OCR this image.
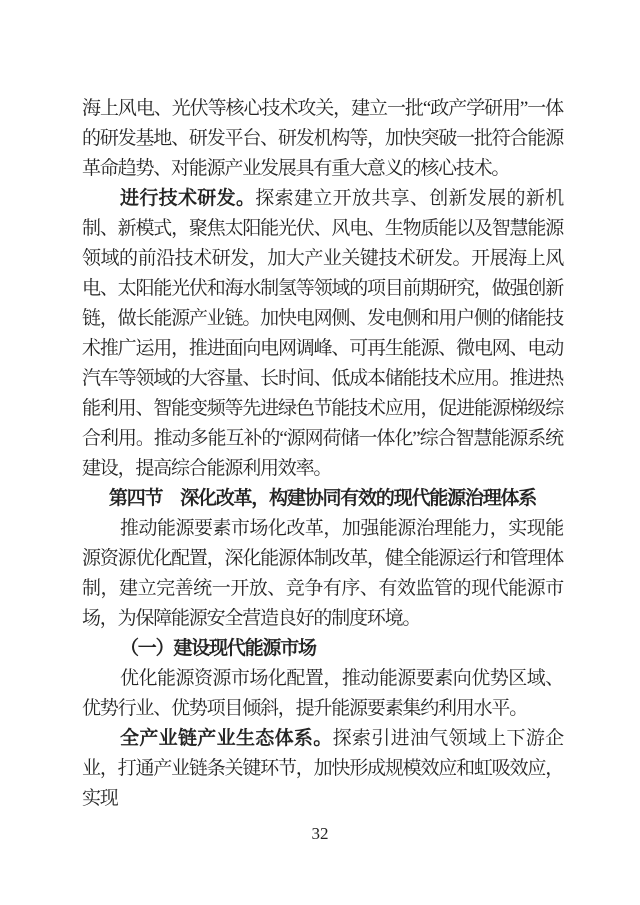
海上风电、光伏等核心技术攻关，建立一批“政产学研用”一体的研发基地、研发平台、研发机构等，加快突破一批符合能源革命趋势、对能源产业发展具有重大意义的核心技术。

进行技术研发。探索建立开放共享、创新发展的新机制、新模式，聚焦太阳能光伏、风电、生物质能以及智慧能源领域的前沿技术研发，加大产业关键技术研发。开展海上风电、太阳能光伏和海水制氢等领域的项目前期研究，做强创新链，做长能源产业链。加快电网侧、发电侧和用户侧的储能技术推广运用，推进面向电网调峰、可再生能源、微电网、电动汽车等领域的大容量、长时间、低成本储能技术应用。推进热能利用、智能变频等先进绿色节能技术应用，促进能源梯级综合利用。推动多能互补的“源网荷储一体化”综合智慧能源系统建设，提高综合能源利用效率。

第四节　深化改革，构建协同有效的现代能源治理体系

推动能源要素市场化改革，加强能源治理能力，实现能源资源优化配置，深化能源体制改革，健全能源运行和管理体制，建立完善统一开放、竞争有序、有效监管的现代能源市场，为保障能源安全营造良好的制度环境。

（一）建设现代能源市场

优化能源资源市场化配置，推动能源要素向优势区域、优势行业、优势项目倾斜，提升能源要素集约利用水平。

全产业链产业生态体系。探索引进油气领域上下游企业，打通产业链条关键环节，加快形成规模效应和虹吸效应，实现

32
